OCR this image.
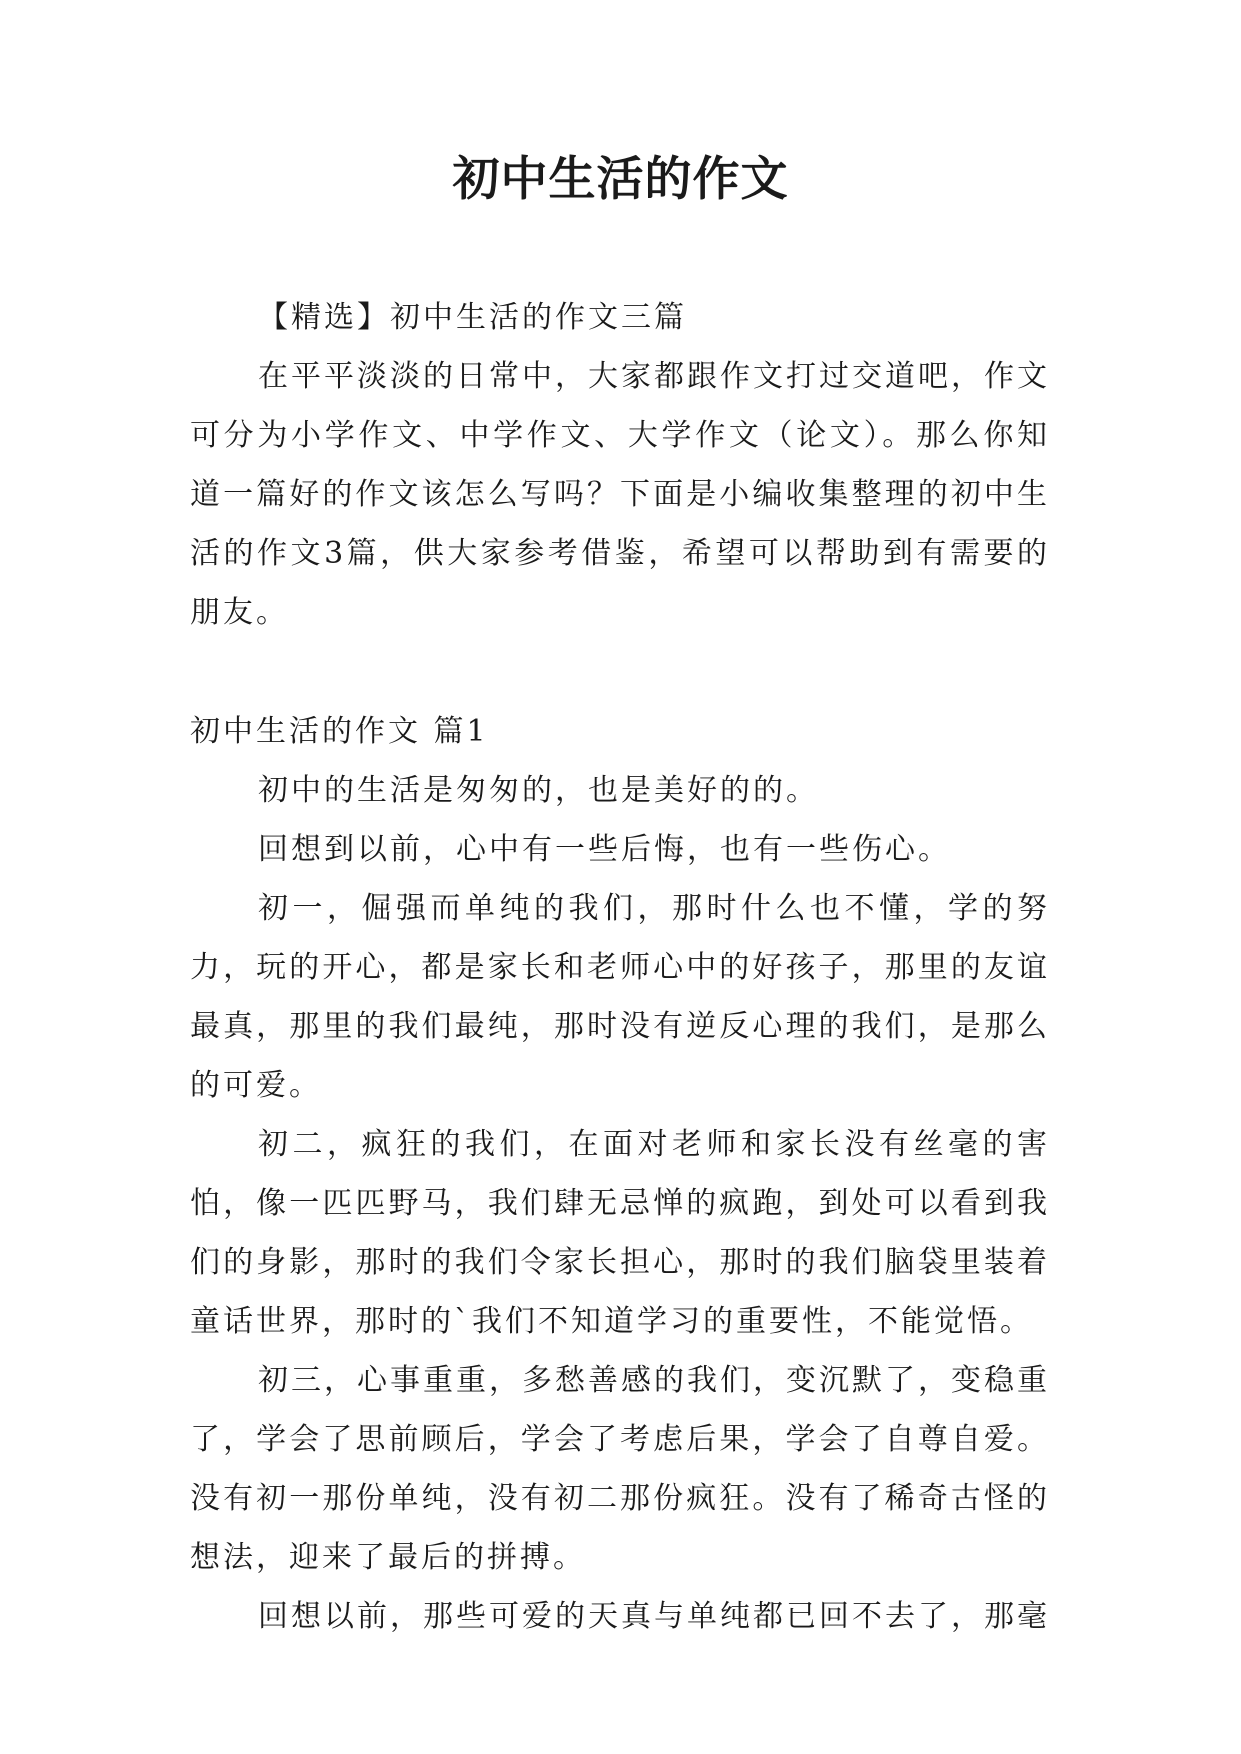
初中生活的作文

【精选】初中生活的作文三篇

在平平淡淡的日常中，大家都跟作文打过交道吧，作文可分为小学作文、中学作文、大学作文（论文）。那么你知道一篇好的作文该怎么写吗？下面是小编收集整理的初中生活的作文3篇，供大家参考借鉴，希望可以帮助到有需要的朋友。

初中生活的作文 篇1

初中的生活是匆匆的，也是美好的的。

回想到以前，心中有一些后悔，也有一些伤心。

初一，倔强而单纯的我们，那时什么也不懂，学的努力，玩的开心，都是家长和老师心中的好孩子，那里的友谊最真，那里的我们最纯，那时没有逆反心理的我们，是那么的可爱。

初二，疯狂的我们，在面对老师和家长没有丝毫的害怕，像一匹匹野马，我们肆无忌惮的疯跑，到处可以看到我们的身影，那时的我们令家长担心，那时的我们脑袋里装着童话世界，那时的`我们不知道学习的重要性，不能觉悟。

初三，心事重重，多愁善感的我们，变沉默了，变稳重了，学会了思前顾后，学会了考虑后果，学会了自尊自爱。没有初一那份单纯，没有初二那份疯狂。没有了稀奇古怪的想法，迎来了最后的拼搏。

回想以前，那些可爱的天真与单纯都已回不去了，那毫
